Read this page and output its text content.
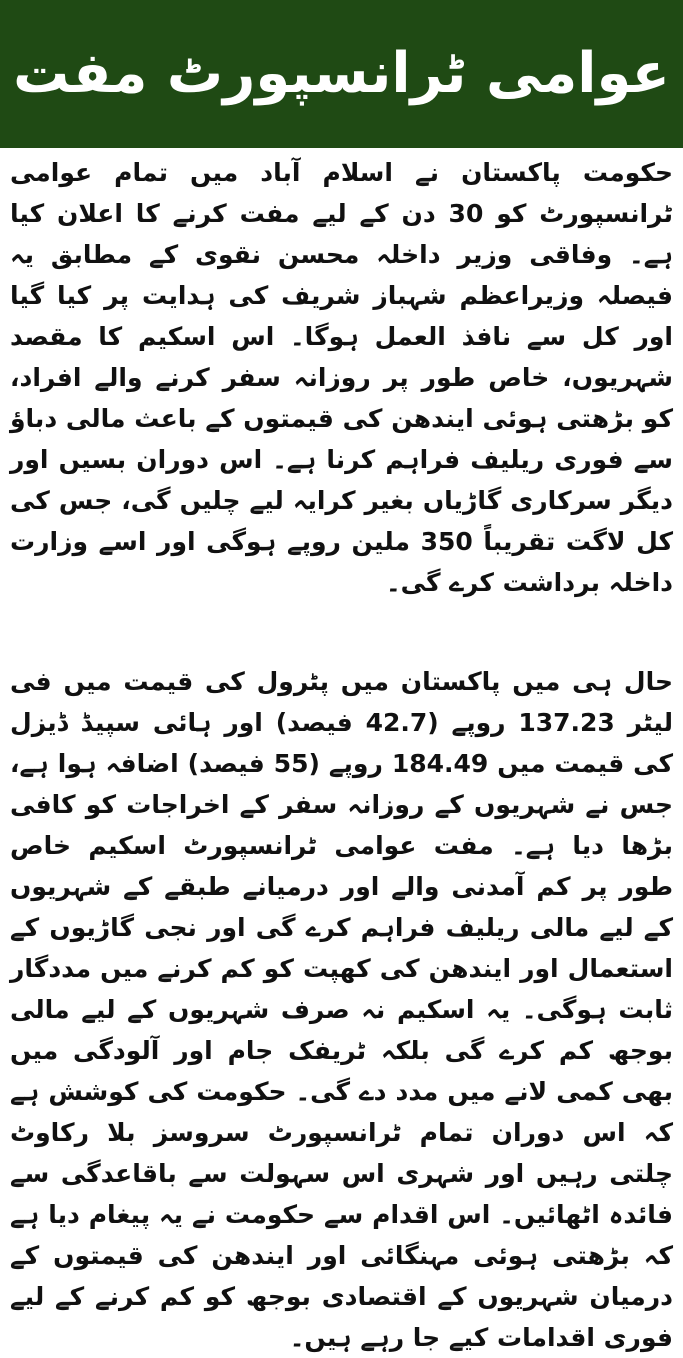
عوامی ٹرانسپورٹ مفت

حکومت پاکستان نے اسلام آباد میں تمام عوامی ٹرانسپورٹ کو 30 دن کے لیے مفت کرنے کا اعلان کیا ہے۔ وفاقی وزیر داخلہ محسن نقوی کے مطابق یہ فیصلہ وزیراعظم شہباز شریف کی ہدایت پر کیا گیا اور کل سے نافذ العمل ہوگا۔ اس اسکیم کا مقصد شہریوں، خاص طور پر روزانہ سفر کرنے والے افراد، کو بڑھتی ہوئی ایندھن کی قیمتوں کے باعث مالی دباؤ سے فوری ریلیف فراہم کرنا ہے۔ اس دوران بسیں اور دیگر سرکاری گاڑیاں بغیر کرایہ لیے چلیں گی، جس کی کل لاگت تقریباً 350 ملین روپے ہوگی اور اسے وزارت داخلہ برداشت کرے گی۔

حال ہی میں پاکستان میں پٹرول کی قیمت میں فی لیٹر 137.23 روپے (42.7 فیصد) اور ہائی سپیڈ ڈیزل کی قیمت میں 184.49 روپے (55 فیصد) اضافہ ہوا ہے، جس نے شہریوں کے روزانہ سفر کے اخراجات کو کافی بڑھا دیا ہے۔ مفت عوامی ٹرانسپورٹ اسکیم خاص طور پر کم آمدنی والے اور درمیانے طبقے کے شہریوں کے لیے مالی ریلیف فراہم کرے گی اور نجی گاڑیوں کے استعمال اور ایندھن کی کھپت کو کم کرنے میں مددگار ثابت ہوگی۔ یہ اسکیم نہ صرف شہریوں کے لیے مالی بوجھ کم کرے گی بلکہ ٹریفک جام اور آلودگی میں بھی کمی لانے میں مدد دے گی۔ حکومت کی کوشش ہے کہ اس دوران تمام ٹرانسپورٹ سروسز بلا رکاوٹ چلتی رہیں اور شہری اس سہولت سے باقاعدگی سے فائدہ اٹھائیں۔ اس اقدام سے حکومت نے یہ پیغام دیا ہے کہ بڑھتی ہوئی مہنگائی اور ایندھن کی قیمتوں کے درمیان شہریوں کے اقتصادی بوجھ کو کم کرنے کے لیے فوری اقدامات کیے جا رہے ہیں۔
